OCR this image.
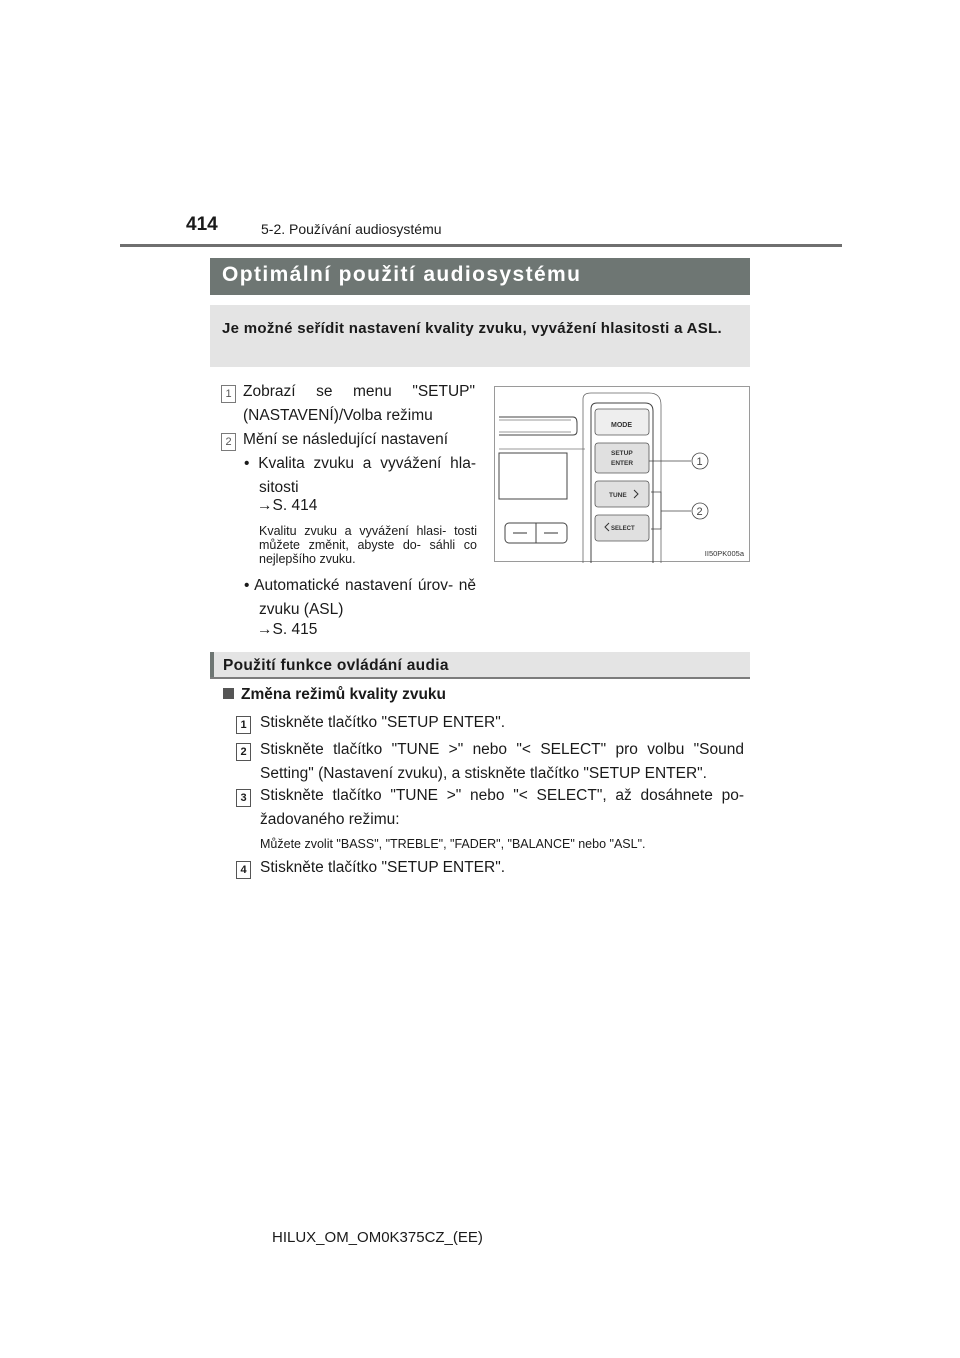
414	5-2. Používání audiosystému
Optimální použití audiosystému
Je možné seřídit nastavení kvality zvuku, vyvážení hlasitosti a ASL.
1 Zobrazí se menu "SETUP" (NASTAVENÍ)/Volba režimu
2 Mění se následující nastavení
• Kvalita zvuku a vyvážení hla- sitosti
→S. 414
Kvalitu zvuku a vyvážení hlasi- tosti můžete změnit, abyste do- sáhli co nejlepšího zvuku.
• Automatické nastavení úrov- ně zvuku (ASL)
→S. 415
MODE
SETUP
ENTER
TUNE
SELECT
1
2
II50PK005a
Použití funkce ovládání audia
Změna režimů kvality zvuku
1 Stiskněte tlačítko "SETUP ENTER".
2 Stiskněte tlačítko "TUNE >" nebo "< SELECT" pro volbu "Sound Setting" (Nastavení zvuku), a stiskněte tlačítko "SETUP ENTER".
3 Stiskněte tlačítko "TUNE >" nebo "< SELECT", až dosáhnete po- žadovaného režimu:
Můžete zvolit "BASS", "TREBLE", "FADER", "BALANCE" nebo "ASL".
4 Stiskněte tlačítko "SETUP ENTER".
HILUX_OM_OM0K375CZ_(EE)
